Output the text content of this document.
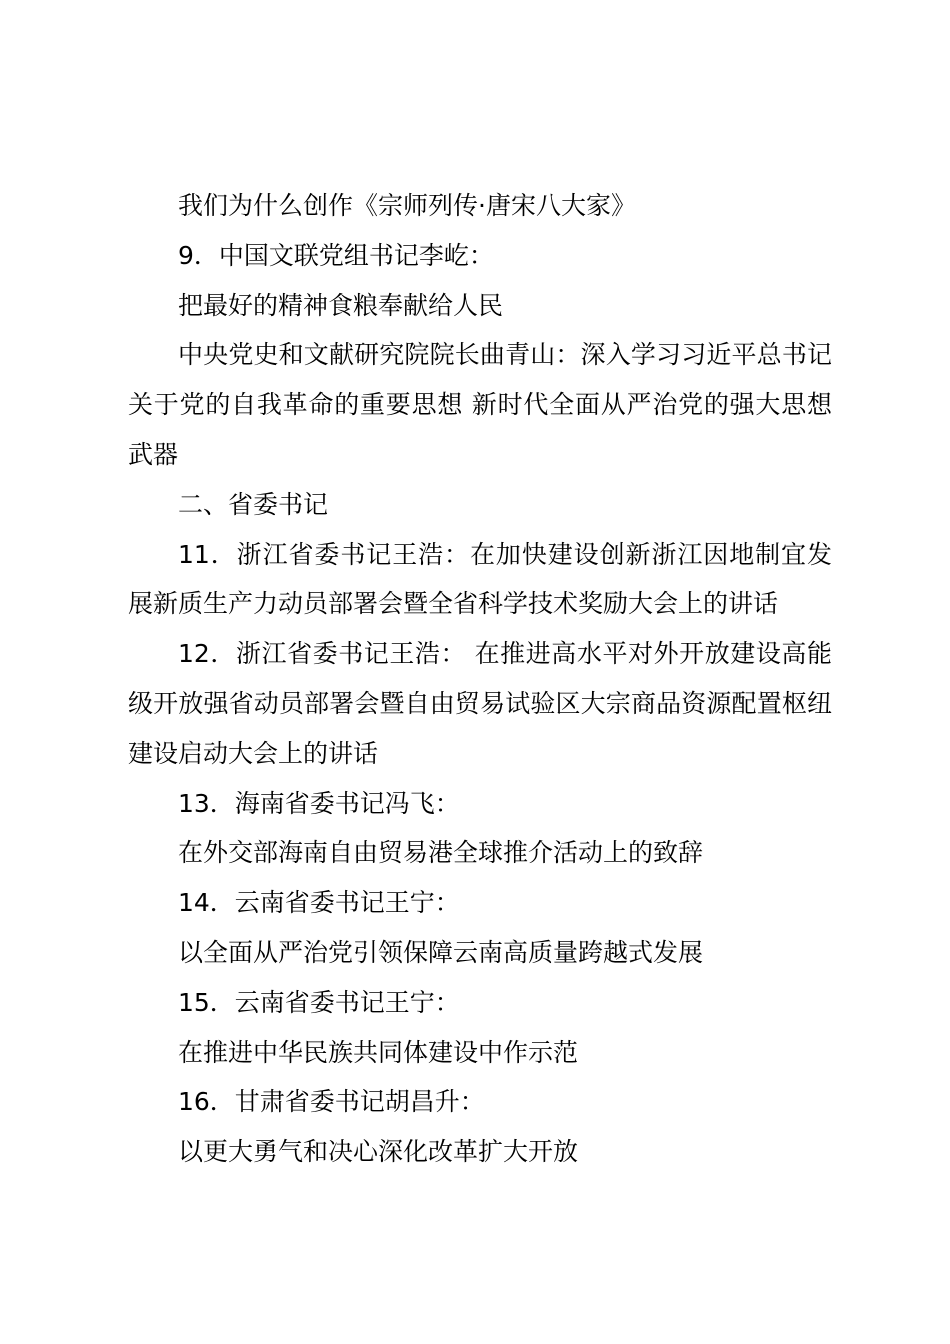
我们为什么创作《宗师列传·唐宋八大家》

9．中国文联党组书记李屹：

把最好的精神食粮奉献给人民

中央党史和文献研究院院长曲青山：深入学习习近平总书记关于党的自我革命的重要思想 新时代全面从严治党的强大思想武器

二、省委书记

11．浙江省委书记王浩：在加快建设创新浙江因地制宜发展新质生产力动员部署会暨全省科学技术奖励大会上的讲话

12．浙江省委书记王浩： 在推进高水平对外开放建设高能级开放强省动员部署会暨自由贸易试验区大宗商品资源配置枢纽建设启动大会上的讲话

13．海南省委书记冯飞：

在外交部海南自由贸易港全球推介活动上的致辞

14．云南省委书记王宁：

以全面从严治党引领保障云南高质量跨越式发展

15．云南省委书记王宁：

在推进中华民族共同体建设中作示范

16．甘肃省委书记胡昌升：

以更大勇气和决心深化改革扩大开放
